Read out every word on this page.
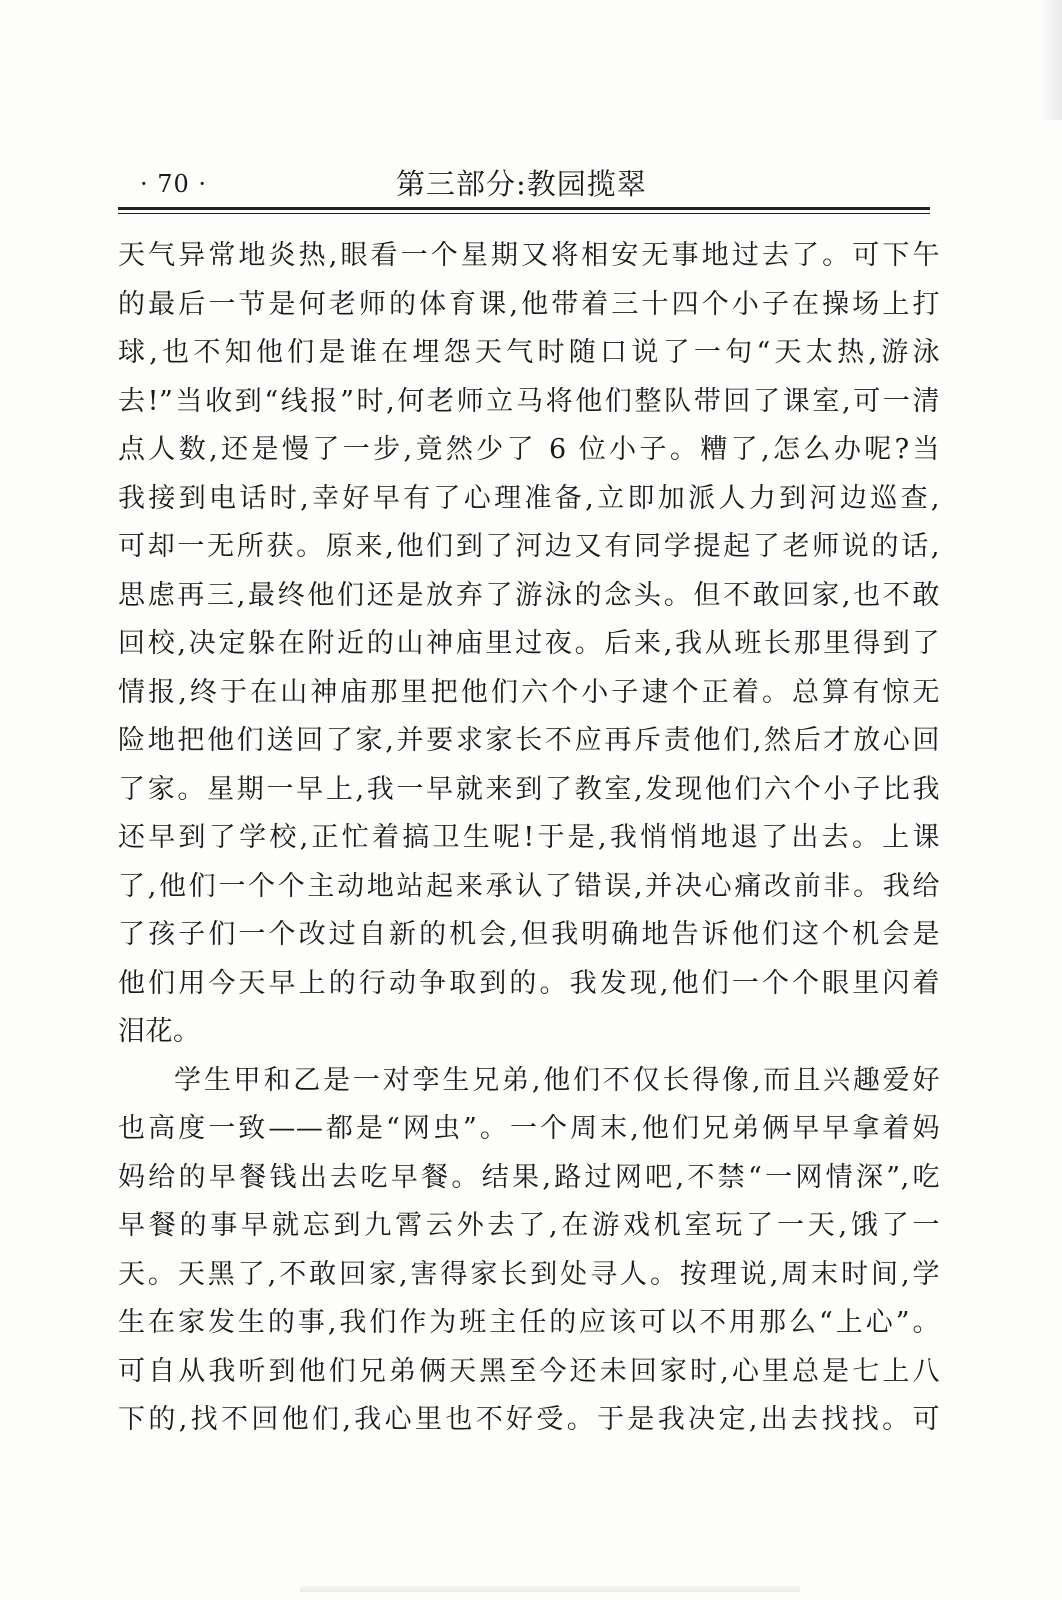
· 70 ·	第三部分:教园揽翠
天气异常地炎热,眼看一个星期又将相安无事地过去了。可下午
的最后一节是何老师的体育课,他带着三十四个小子在操场上打
球,也不知他们是谁在埋怨天气时随口说了一句“天太热,游泳
去!”当收到“线报”时,何老师立马将他们整队带回了课室,可一清
点人数,还是慢了一步,竟然少了 6 位小子。糟了,怎么办呢?当
我接到电话时,幸好早有了心理准备,立即加派人力到河边巡查,
可却一无所获。原来,他们到了河边又有同学提起了老师说的话,
思虑再三,最终他们还是放弃了游泳的念头。但不敢回家,也不敢
回校,决定躲在附近的山神庙里过夜。后来,我从班长那里得到了
情报,终于在山神庙那里把他们六个小子逮个正着。总算有惊无
险地把他们送回了家,并要求家长不应再斥责他们,然后才放心回
了家。星期一早上,我一早就来到了教室,发现他们六个小子比我
还早到了学校,正忙着搞卫生呢!于是,我悄悄地退了出去。上课
了,他们一个个主动地站起来承认了错误,并决心痛改前非。我给
了孩子们一个改过自新的机会,但我明确地告诉他们这个机会是
他们用今天早上的行动争取到的。我发现,他们一个个眼里闪着
泪花。
学生甲和乙是一对孪生兄弟,他们不仅长得像,而且兴趣爱好
也高度一致——都是“网虫”。一个周末,他们兄弟俩早早拿着妈
妈给的早餐钱出去吃早餐。结果,路过网吧,不禁“一网情深”,吃
早餐的事早就忘到九霄云外去了,在游戏机室玩了一天,饿了一
天。天黑了,不敢回家,害得家长到处寻人。按理说,周末时间,学
生在家发生的事,我们作为班主任的应该可以不用那么“上心”。
可自从我听到他们兄弟俩天黑至今还未回家时,心里总是七上八
下的,找不回他们,我心里也不好受。于是我决定,出去找找。可
